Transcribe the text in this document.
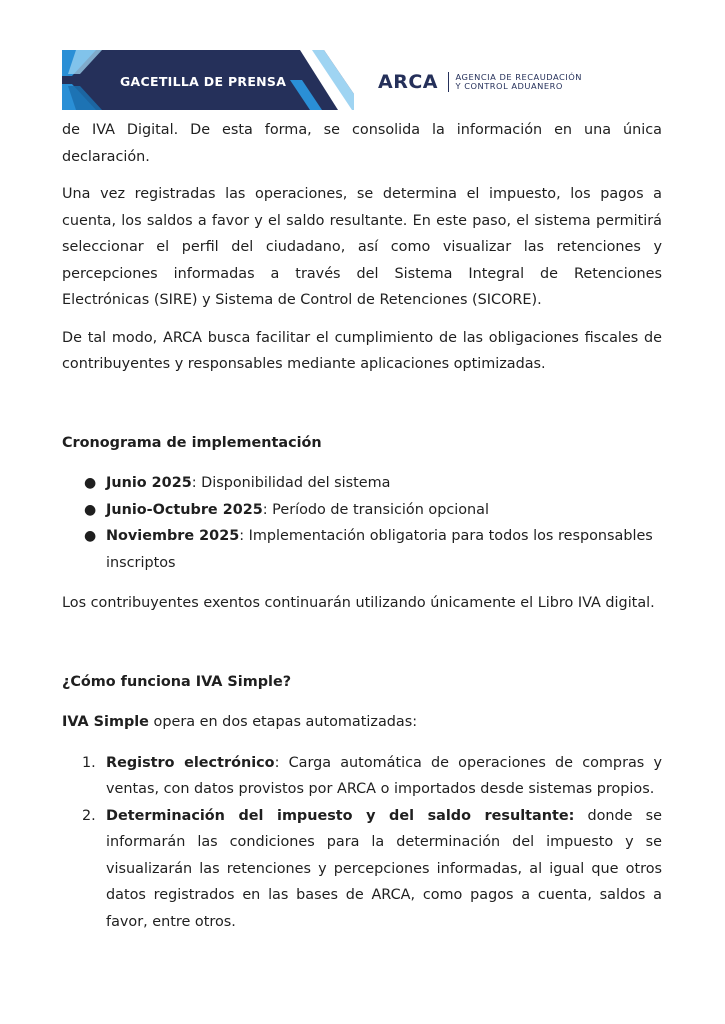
GACETILLA DE PRENSA	ARCA AGENCIA DE RECAUDACIÓN
Y CONTROL ADUANERO

de IVA Digital. De esta forma, se consolida la información en una única declaración.

Una vez registradas las operaciones, se determina el impuesto, los pagos a cuenta, los saldos a favor y el saldo resultante. En este paso, el sistema permitirá seleccionar el perfil del ciudadano, así como visualizar las retenciones y percepciones informadas a través del Sistema Integral de Retenciones Electrónicas (SIRE) y Sistema de Control de Retenciones (SICORE).

De tal modo, ARCA busca facilitar el cumplimiento de las obligaciones fiscales de contribuyentes y responsables mediante aplicaciones optimizadas.

Cronograma de implementación
● Junio 2025: Disponibilidad del sistema
● Junio-Octubre 2025: Período de transición opcional
● Noviembre 2025: Implementación obligatoria para todos los responsables inscriptos

Los contribuyentes exentos continuarán utilizando únicamente el Libro IVA digital.

¿Cómo funciona IVA Simple?

IVA Simple opera en dos etapas automatizadas:

1. Registro electrónico: Carga automática de operaciones de compras y ventas, con datos provistos por ARCA o importados desde sistemas propios.
2. Determinación del impuesto y del saldo resultante: donde se informarán las condiciones para la determinación del impuesto y se visualizarán las retenciones y percepciones informadas, al igual que otros datos registrados en las bases de ARCA, como pagos a cuenta, saldos a favor, entre otros.
